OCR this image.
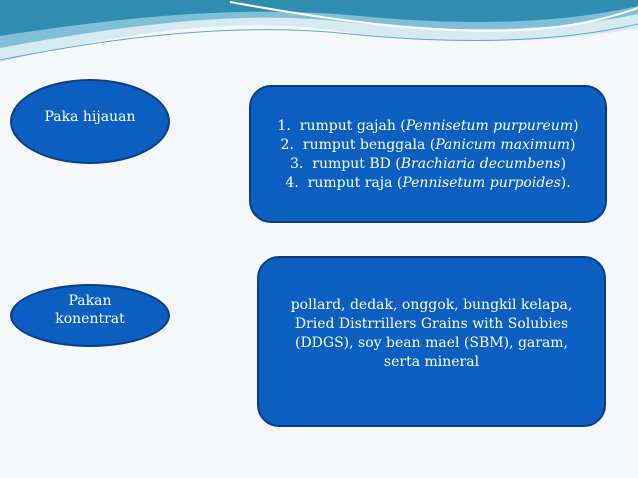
Paka hijauan
Pakan
konentrat
1. rumput gajah (Pennisetum purpureum)
2. rumput benggala (Panicum maximum)
3. rumput BD (Brachiaria decumbens)
4. rumput raja (Pennisetum purpoides).
pollard, dedak, onggok, bungkil kelapa,
Dried Distrrillers Grains with Solubies
(DDGS), soy bean mael (SBM), garam,
serta mineral
